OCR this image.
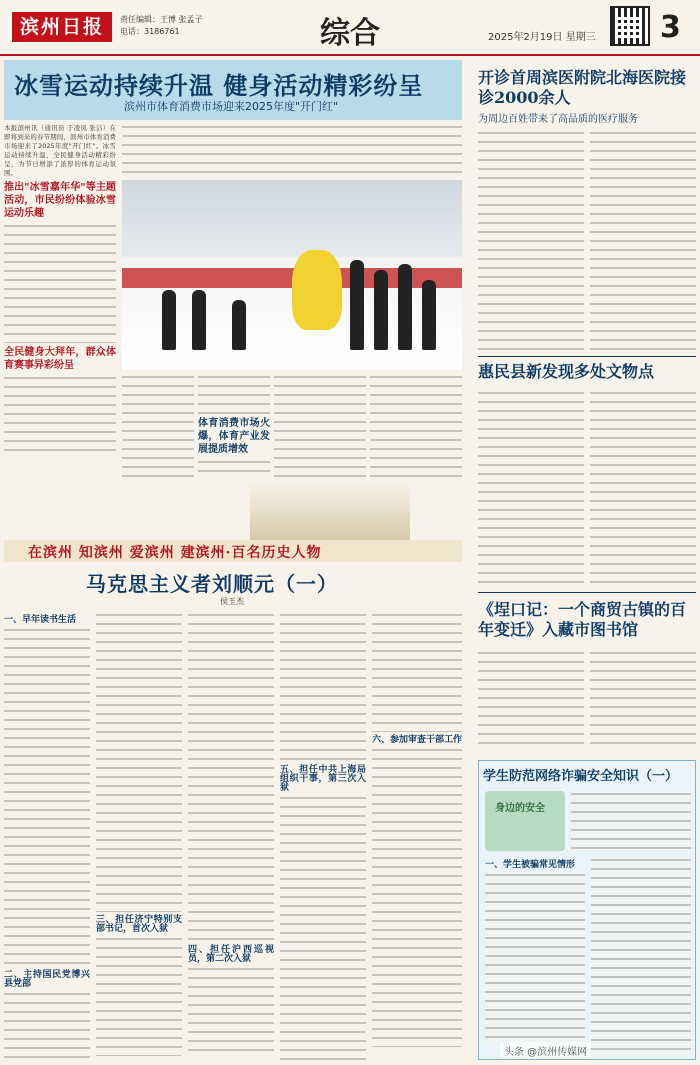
滨州日报	责任编辑：王博 张孟子
电话：3186761	综合	2025年2月19日 星期三 3
冰雪运动持续升温 健身活动精彩纷呈
滨州市体育消费市场迎来2025年度"开门红"
本报滨州讯（通讯员 于凌凤 张洁）在即将到来的春节期间，滨州市体育消费市场迎来了2025年度"开门红"。冰雪运动持续升温，全民健身活动精彩纷呈，为节日增添了浓厚的体育运动氛围。
推出"冰雪嘉年华"等主题活动，市民纷纷体验冰雪运动乐趣
全民健身大拜年，群众体育赛事异彩纷呈
体育消费市场火爆，体育产业发展提质增效
开诊首周滨医附院北海医院接诊2000余人
为周边百姓带来了高品质的医疗服务
惠民县新发现多处文物点
《埕口记：一个商贸古镇的百年变迁》入藏市图书馆
在滨州 知滨州 爱滨州 建滨州·百名历史人物
马克思主义者刘顺元（一）
侯玉杰
一、早年读书生活
二、主持国民党博兴县党部
三、担任济宁特别支部书记，首次入狱
四、担任沪西巡视员，第二次入狱
五、担任中共上海局组织干事，第三次入狱
六、参加审查干部工作
学生防范网络诈骗安全知识（一）
身边的安全
一、学生被骗常见情形
头条 @滨州传媒网
